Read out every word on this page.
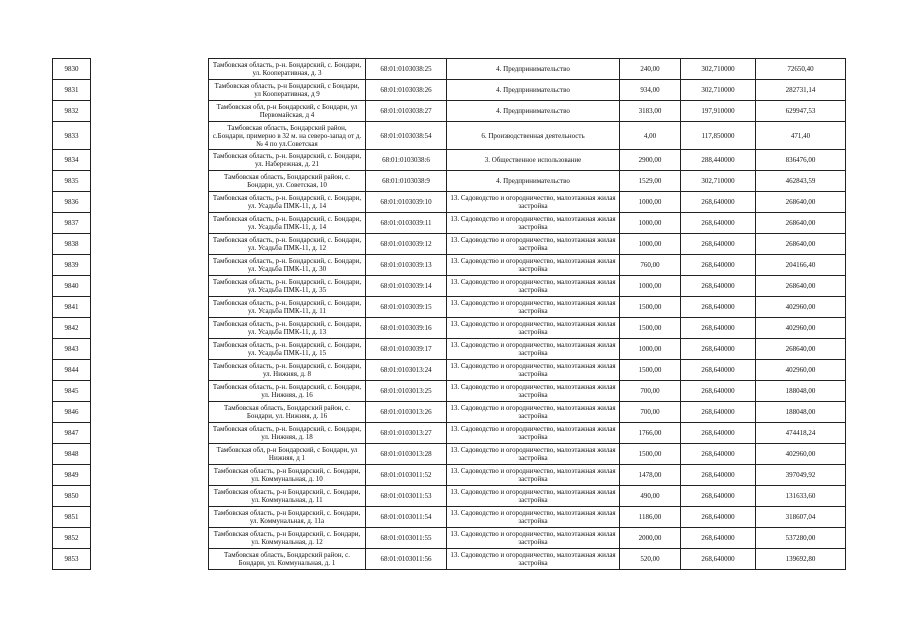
9830		Тамбовская область, р-н. Бондарский, с. Бондари, ул. Кооперативная, д. 3	68:01:0103038:25	4. Предпринимательство	240,00	302,710000	72650,40
9831		Тамбовская область, р-н Бондарский, с Бондари, ул Кооперативная, д 9	68:01:0103038:26	4. Предпринимательство	934,00	302,710000	282731,14
9832		Тамбовская обл, р-н Бондарский, с Бондари, ул Первомайская, д 4	68:01:0103038:27	4. Предпринимательство	3183,00	197,910000	629947,53
9833		Тамбовская область, Бондарский район, с.Бондари, примерно в 32 м. на северо-запад от д. № 4 по ул.Советская	68:01:0103038:54	6. Производственная деятельность	4,00	117,850000	471,40
9834		Тамбовская область, р-н. Бондарский, с. Бондари, ул. Набережная, д. 21	68:01:0103038:6	3. Общественное использование	2900,00	288,440000	836476,00
9835		Тамбовская область, Бондарский район, с. Бондари, ул. Советская, 10	68:01:0103038:9	4. Предпринимательство	1529,00	302,710000	462843,59
9836		Тамбовская область, р-н. Бондарский, с. Бондари, ул. Усадьба ПМК-11, д. 14	68:01:0103039:10	13. Садоводство и огородничество, малоэтажная жилая застройка	1000,00	268,640000	268640,00
9837		Тамбовская область, р-н. Бондарский, с. Бондари, ул. Усадьба ПМК-11, д. 14	68:01:0103039:11	13. Садоводство и огородничество, малоэтажная жилая застройка	1000,00	268,640000	268640,00
9838		Тамбовская область, р-н. Бондарский, с. Бондари, ул. Усадьба ПМК-11, д. 12	68:01:0103039:12	13. Садоводство и огородничество, малоэтажная жилая застройка	1000,00	268,640000	268640,00
9839		Тамбовская область, р-н. Бондарский, с. Бондари, ул. Усадьба ПМК-11, д. 30	68:01:0103039:13	13. Садоводство и огородничество, малоэтажная жилая застройка	760,00	268,640000	204166,40
9840		Тамбовская область, р-н. Бондарский, с. Бондари, ул. Усадьба ПМК-11, д. 35	68:01:0103039:14	13. Садоводство и огородничество, малоэтажная жилая застройка	1000,00	268,640000	268640,00
9841		Тамбовская область, р-н. Бондарский, с. Бондари, ул. Усадьба ПМК-11, д. 11	68:01:0103039:15	13. Садоводство и огородничество, малоэтажная жилая застройка	1500,00	268,640000	402960,00
9842		Тамбовская область, р-н. Бондарский, с. Бондари, ул. Усадьба ПМК-11, д. 13	68:01:0103039:16	13. Садоводство и огородничество, малоэтажная жилая застройка	1500,00	268,640000	402960,00
9843		Тамбовская область, р-н. Бондарский, с. Бондари, ул. Усадьба ПМК-11, д. 15	68:01:0103039:17	13. Садоводство и огородничество, малоэтажная жилая застройка	1000,00	268,640000	268640,00
9844		Тамбовская область, р-н. Бондарский, с. Бондари, ул. Нижняя, д. 8	68:01:0103013:24	13. Садоводство и огородничество, малоэтажная жилая застройка	1500,00	268,640000	402960,00
9845		Тамбовская область, р-н. Бондарский, с. Бондари, ул. Нижняя, д. 16	68:01:0103013:25	13. Садоводство и огородничество, малоэтажная жилая застройка	700,00	268,640000	188048,00
9846		Тамбовская область, Бондарский район, с. Бондари, ул. Нижняя, д. 16	68:01:0103013:26	13. Садоводство и огородничество, малоэтажная жилая застройка	700,00	268,640000	188048,00
9847		Тамбовская область, р-н. Бондарский, с. Бондари, ул. Нижняя, д. 18	68:01:0103013:27	13. Садоводство и огородничество, малоэтажная жилая застройка	1766,00	268,640000	474418,24
9848		Тамбовская обл, р-н Бондарский, с Бондари, ул Нижняя, д 1	68:01:0103013:28	13. Садоводство и огородничество, малоэтажная жилая застройка	1500,00	268,640000	402960,00
9849		Тамбовская область, р-н Бондарский, с. Бондари, ул. Коммунальная, д. 10	68:01:0103011:52	13. Садоводство и огородничество, малоэтажная жилая застройка	1478,00	268,640000	397049,92
9850		Тамбовская область, р-н Бондарский, с. Бондари, ул. Коммунальная, д. 11	68:01:0103011:53	13. Садоводство и огородничество, малоэтажная жилая застройка	490,00	268,640000	131633,60
9851		Тамбовская область, р-н Бондарский, с. Бондари, ул. Коммунальная, д. 11а	68:01:0103011:54	13. Садоводство и огородничество, малоэтажная жилая застройка	1186,00	268,640000	318607,04
9852		Тамбовская область, р-н Бондарский, с. Бондари, ул. Коммунальная, д. 12	68:01:0103011:55	13. Садоводство и огородничество, малоэтажная жилая застройка	2000,00	268,640000	537280,00
9853		Тамбовская область, Бондарский район, с. Бондари, ул. Коммунальная, д. 1	68:01:0103011:56	13. Садоводство и огородничество, малоэтажная жилая застройка	520,00	268,640000	139692,80
